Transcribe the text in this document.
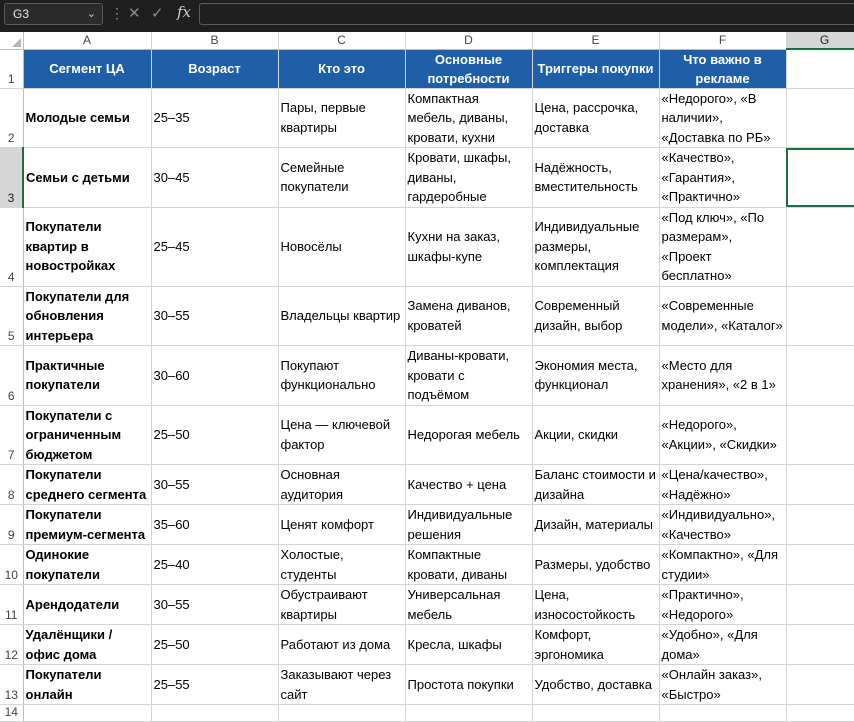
G3	⌄ ⋮ ✕ ✓ fx
	A	B	C	D	E	F	G
1	Сегмент ЦА	Возраст	Кто это	Основные потребности	Триггеры покупки	Что важно в рекламе	
2	Молодые семьи	25–35	Пары, первые квартиры	Компактная мебель, диваны, кровати, кухни	Цена, рассрочка, доставка	«Недорого», «В наличии», «Доставка по РБ»	
3	Семьи с детьми	30–45	Семейные покупатели	Кровати, шкафы, диваны, гардеробные	Надёжность, вместительность	«Качество», «Гарантия», «Практично»	
4	Покупатели квартир в новостройках	25–45	Новосёлы	Кухни на заказ, шкафы-купе	Индивидуальные размеры, комплектация	«Под ключ», «По размерам», «Проект бесплатно»	
5	Покупатели для обновления интерьера	30–55	Владельцы квартир	Замена диванов, кроватей	Современный дизайн, выбор	«Современные модели», «Каталог»	
6	Практичные покупатели	30–60	Покупают функционально	Диваны-кровати, кровати с подъёмом	Экономия места, функционал	«Место для хранения», «2 в 1»	
7	Покупатели с ограниченным бюджетом	25–50	Цена — ключевой фактор	Недорогая мебель	Акции, скидки	«Недорого», «Акции», «Скидки»	
8	Покупатели среднего сегмента	30–55	Основная аудитория	Качество + цена	Баланс стоимости и дизайна	«Цена/качество», «Надёжно»	
9	Покупатели премиум-сегмента	35–60	Ценят комфорт	Индивидуальные решения	Дизайн, материалы	«Индивидуально», «Качество»	
10	Одинокие покупатели	25–40	Холостые, студенты	Компактные кровати, диваны	Размеры, удобство	«Компактно», «Для студии»	
11	Арендодатели	30–55	Обустраивают квартиры	Универсальная мебель	Цена, износостойкость	«Практично», «Недорого»	
12	Удалёнщики / офис дома	25–50	Работают из дома	Кресла, шкафы	Комфорт, эргономика	«Удобно», «Для дома»	
13	Покупатели онлайн	25–55	Заказывают через сайт	Простота покупки	Удобство, доставка	«Онлайн заказ», «Быстро»	
14							
